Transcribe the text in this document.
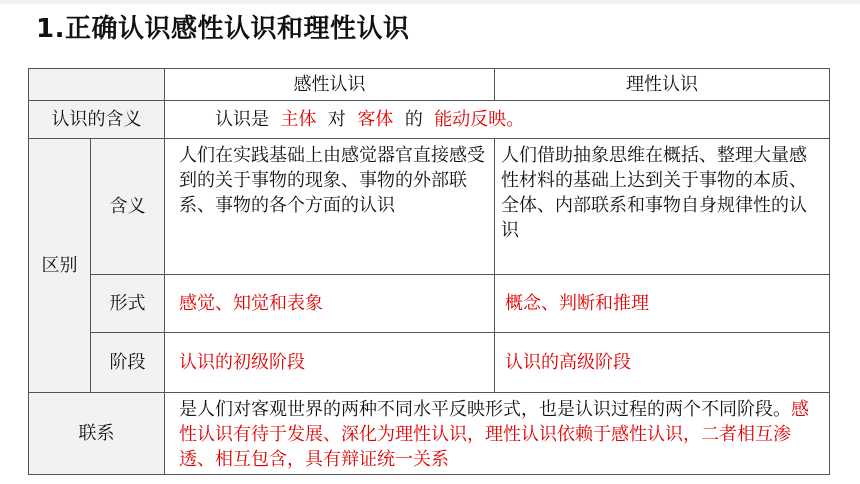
1.正确认识感性认识和理性认识
		感性认识	理性认识
认识的含义		认识是 主体 对 客体 的 能动反映。	
区别	含义	人们在实践基础上由感觉器官直接感受到的关于事物的现象、事物的外部联系、事物的各个方面的认识	人们借助抽象思维在概括、整理大量感性材料的基础上达到关于事物的本质、全体、内部联系和事物自身规律性的认识
	形式	感觉、知觉和表象	概念、判断和推理
	阶段	认识的初级阶段	认识的高级阶段
联系		是人们对客观世界的两种不同水平反映形式，也是认识过程的两个不同阶段。感性认识有待于发展、深化为理性认识，理性认识依赖于感性认识，二者相互渗透、相互包含，具有辩证统一关系	
